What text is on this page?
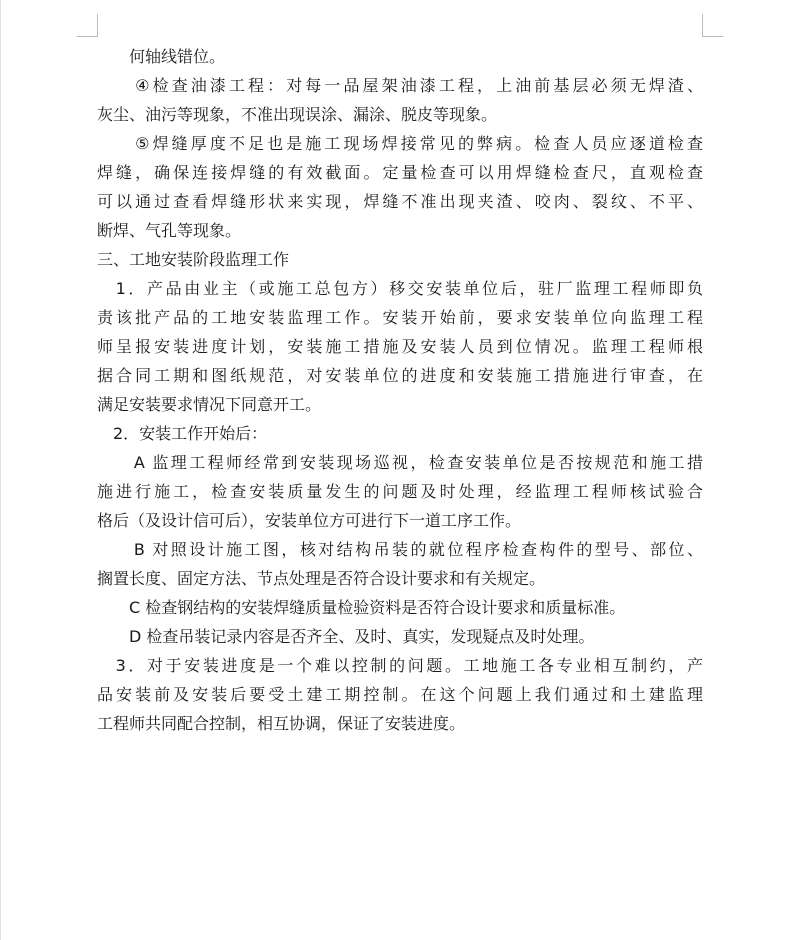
　　何轴线错位。
　　④检查油漆工程：对每一品屋架油漆工程，上油前基层必须无焊渣、
灰尘、油污等现象，不准出现误涂、漏涂、脱皮等现象。
　　⑤焊缝厚度不足也是施工现场焊接常见的弊病。检查人员应逐道检查
焊缝，确保连接焊缝的有效截面。定量检查可以用焊缝检查尺，直观检查
可以通过查看焊缝形状来实现，焊缝不准出现夹渣、咬肉、裂纹、不平、
断焊、气孔等现象。
三、工地安装阶段监理工作
　1．产品由业主（或施工总包方）移交安装单位后，驻厂监理工程师即负
责该批产品的工地安装监理工作。安装开始前，要求安装单位向监理工程
师呈报安装进度计划，安装施工措施及安装人员到位情况。监理工程师根
据合同工期和图纸规范，对安装单位的进度和安装施工措施进行审查，在
满足安装要求情况下同意开工。
　2．安装工作开始后：
　　A 监理工程师经常到安装现场巡视，检查安装单位是否按规范和施工措
施进行施工，检查安装质量发生的问题及时处理，经监理工程师核试验合
格后（及设计信可后），安装单位方可进行下一道工序工作。
　　B 对照设计施工图，核对结构吊装的就位程序检查构件的型号、部位、
搁置长度、固定方法、节点处理是否符合设计要求和有关规定。
　　C 检查钢结构的安装焊缝质量检验资料是否符合设计要求和质量标准。
　　D 检查吊装记录内容是否齐全、及时、真实，发现疑点及时处理。
　3．对于安装进度是一个难以控制的问题。工地施工各专业相互制约，产
品安装前及安装后要受土建工期控制。在这个问题上我们通过和土建监理
工程师共同配合控制，相互协调，保证了安装进度。
